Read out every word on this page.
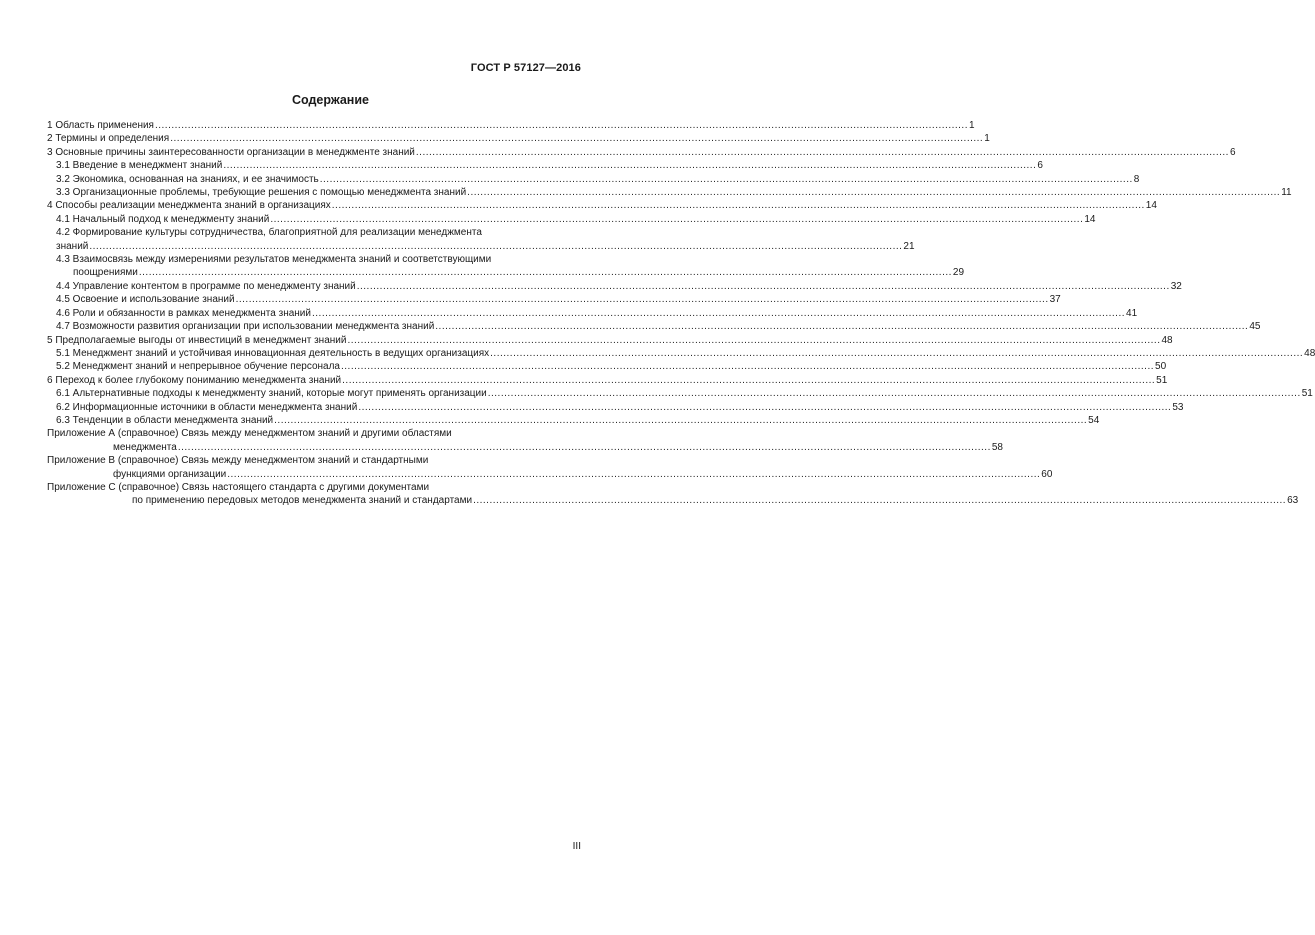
ГОСТ Р 57127—2016
Содержание
1 Область применения .....	1
2 Термины и определения .....	1
3 Основные причины заинтересованности организации в менеджменте знаний .....	6
3.1 Введение в менеджмент знаний .....	6
3.2 Экономика, основанная на знаниях, и ее значимость .....	8
3.3 Организационные проблемы, требующие решения с помощью менеджмента знаний .....	11
4 Способы реализации менеджмента знаний в организациях .....	14
4.1 Начальный подход к менеджменту знаний .....	14
4.2 Формирование культуры сотрудничества, благоприятной для реализации менеджмента
знаний .....	21
4.3 Взаимосвязь между измерениями результатов менеджмента знаний и соответствующими
поощрениями .....	29
4.4 Управление контентом в программе по менеджменту знаний .....	32
4.5 Освоение и использование знаний .....	37
4.6 Роли и обязанности в рамках менеджмента знаний .....	41
4.7 Возможности развития организации при использовании менеджмента знаний .....	45
5 Предполагаемые выгоды от инвестиций в менеджмент знаний .....	48
5.1 Менеджмент знаний и устойчивая инновационная деятельность в ведущих организациях .....	48
5.2 Менеджмент знаний и непрерывное обучение персонала .....	50
6 Переход к более глубокому пониманию менеджмента знаний .....	51
6.1 Альтернативные подходы к менеджменту знаний, которые могут применять организации .....	51
6.2 Информационные источники в области менеджмента знаний .....	53
6.3 Тенденции в области менеджмента знаний .....	54
Приложение А (справочное) Связь между менеджментом знаний и другими областями
менеджмента .....	58
Приложение В (справочное) Связь между менеджментом знаний и стандартными
функциями организации .....	60
Приложение С (справочное) Связь настоящего стандарта с другими документами
по применению передовых методов менеджмента знаний и стандартами .....	63
III
